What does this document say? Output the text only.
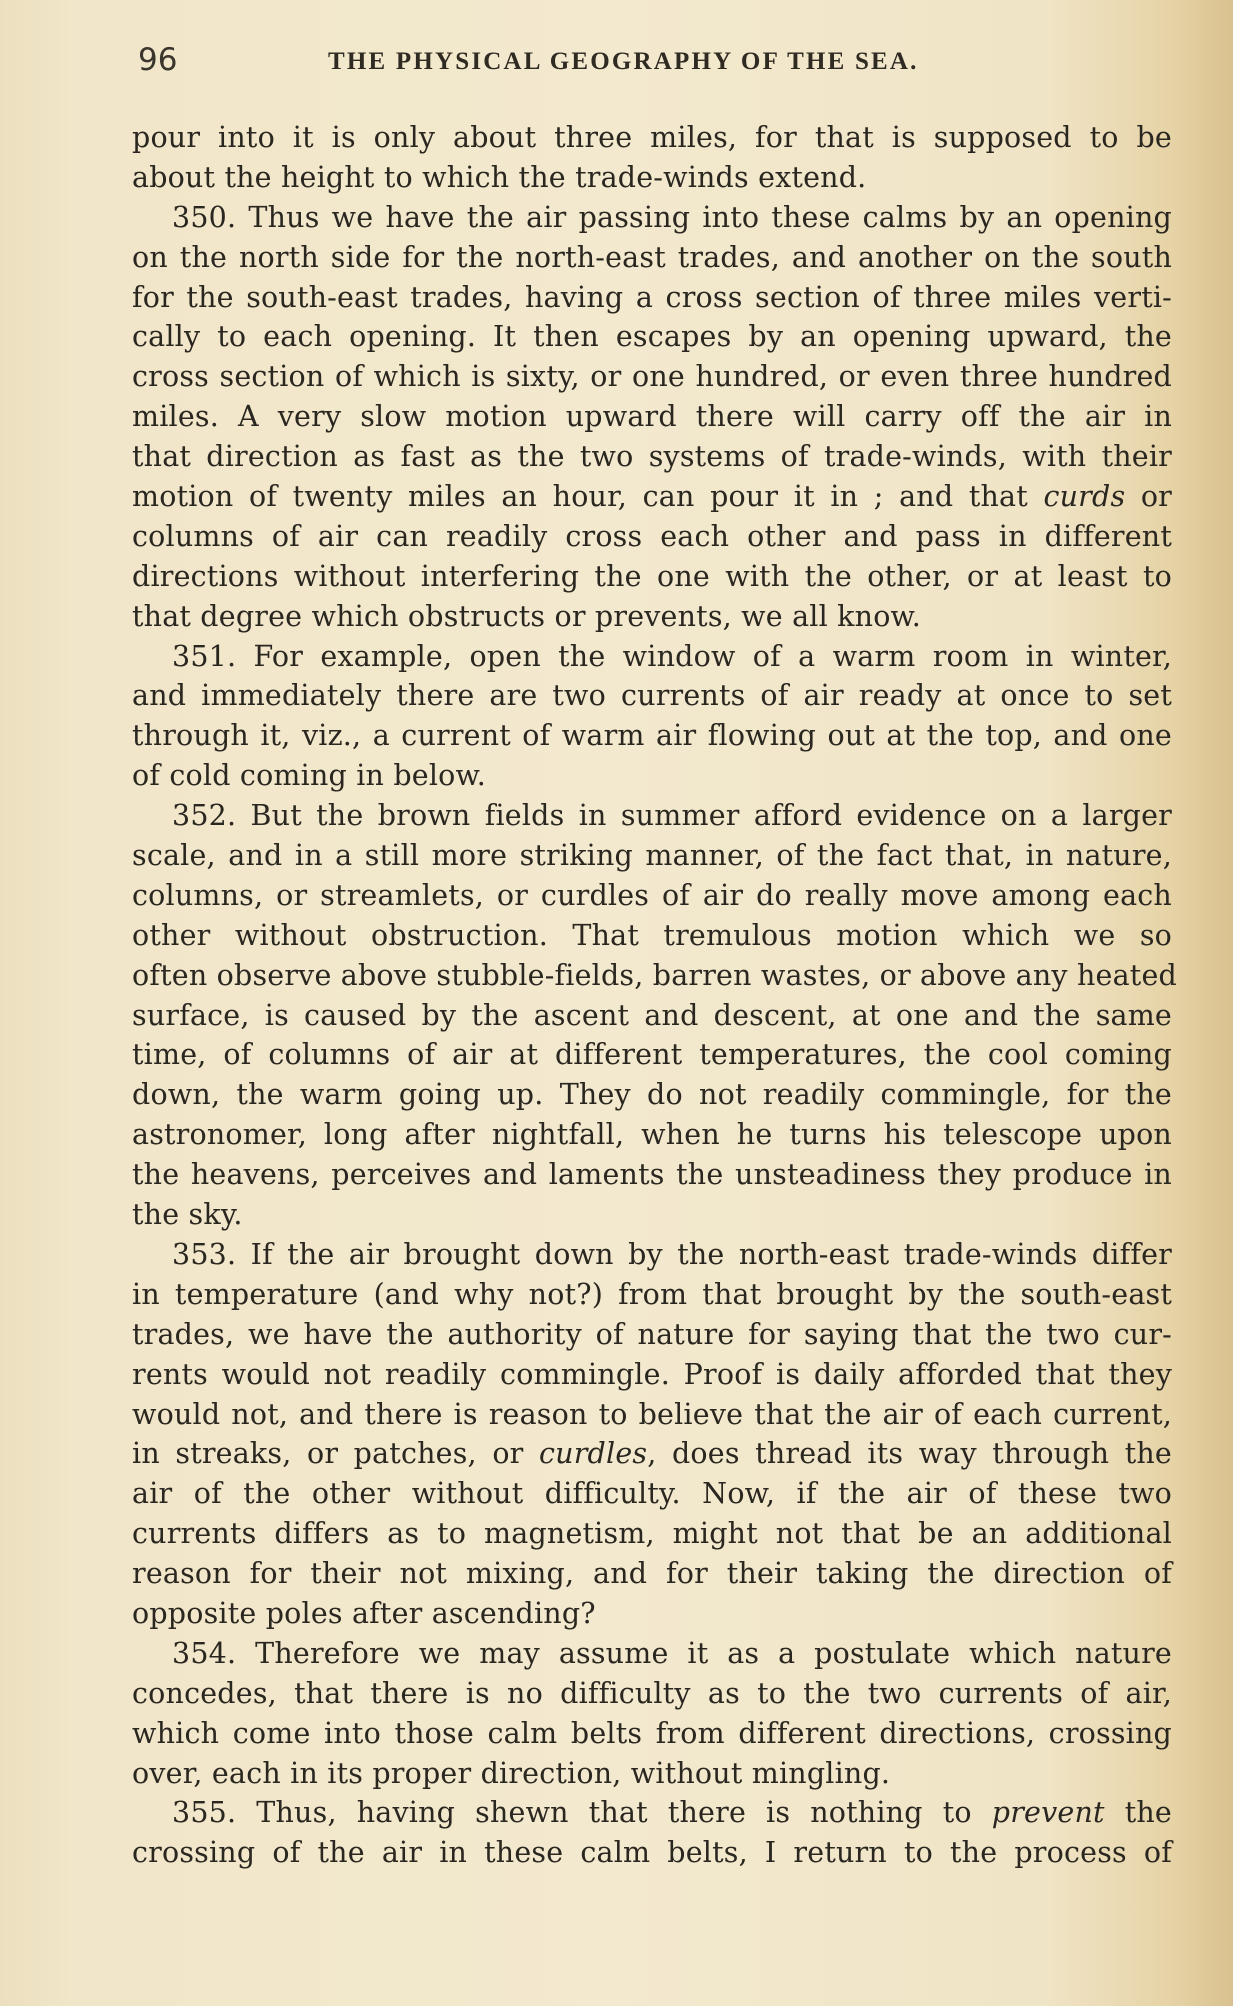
96	THE PHYSICAL GEOGRAPHY OF THE SEA.
pour into it is only about three miles, for that is supposed to be
about the height to which the trade-winds extend.
350. Thus we have the air passing into these calms by an opening
on the north side for the north-east trades, and another on the south
for the south-east trades, having a cross section of three miles verti-
cally to each opening. It then escapes by an opening upward, the
cross section of which is sixty, or one hundred, or even three hundred
miles. A very slow motion upward there will carry off the air in
that direction as fast as the two systems of trade-winds, with their
motion of twenty miles an hour, can pour it in ; and that curds or
columns of air can readily cross each other and pass in different
directions without interfering the one with the other, or at least to
that degree which obstructs or prevents, we all know.
351. For example, open the window of a warm room in winter,
and immediately there are two currents of air ready at once to set
through it, viz., a current of warm air flowing out at the top, and one
of cold coming in below.
352. But the brown fields in summer afford evidence on a larger
scale, and in a still more striking manner, of the fact that, in nature,
columns, or streamlets, or curdles of air do really move among each
other without obstruction. That tremulous motion which we so
often observe above stubble-fields, barren wastes, or above any heated
surface, is caused by the ascent and descent, at one and the same
time, of columns of air at different temperatures, the cool coming
down, the warm going up. They do not readily commingle, for the
astronomer, long after nightfall, when he turns his telescope upon
the heavens, perceives and laments the unsteadiness they produce in
the sky.
353. If the air brought down by the north-east trade-winds differ
in temperature (and why not?) from that brought by the south-east
trades, we have the authority of nature for saying that the two cur-
rents would not readily commingle. Proof is daily afforded that they
would not, and there is reason to believe that the air of each current,
in streaks, or patches, or curdles, does thread its way through the
air of the other without difficulty. Now, if the air of these two
currents differs as to magnetism, might not that be an additional
reason for their not mixing, and for their taking the direction of
opposite poles after ascending?
354. Therefore we may assume it as a postulate which nature
concedes, that there is no difficulty as to the two currents of air,
which come into those calm belts from different directions, crossing
over, each in its proper direction, without mingling.
355. Thus, having shewn that there is nothing to prevent the
crossing of the air in these calm belts, I return to the process of
